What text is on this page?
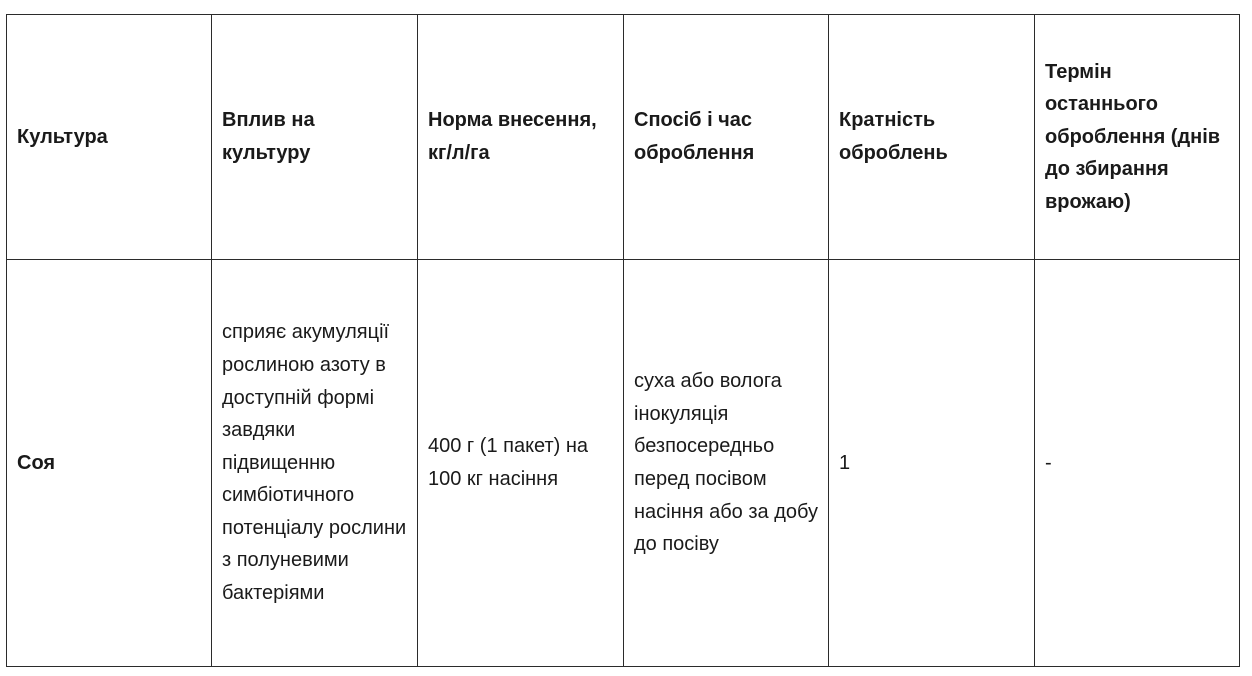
Культура	Вплив на культуру	Норма внесення, кг/л/га	Спосіб і час оброблення	Кратність оброблень	Термін останнього оброблення (днів до збирання врожаю)
Соя	сприяє акумуляції рослиною азоту в доступній формі завдяки підвищенню симбіотичного потенціалу рослини з полуневими бактеріями	400 г (1 пакет) на 100 кг насіння	суха або волога інокуляція безпосередньо перед посівом насіння або за добу до посіву	1	-
